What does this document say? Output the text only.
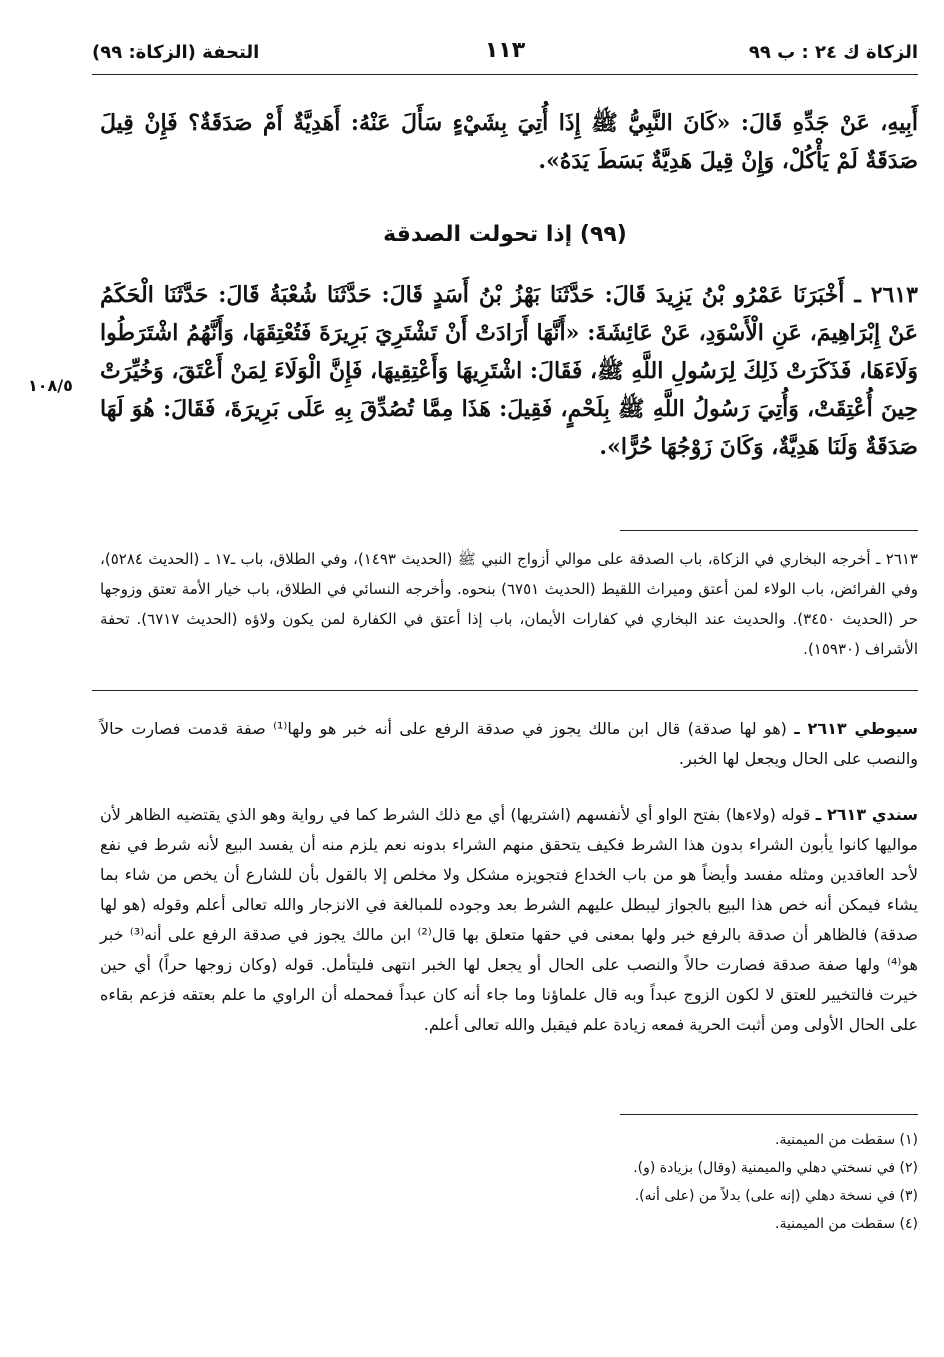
الزكاة ك ٢٤ : ب ٩٩
١١٣
التحفة (الزكاة: ٩٩)
أَبِيهِ، عَنْ جَدِّهِ قَالَ: «كَانَ النَّبِيُّ ﷺ إِذَا أُتِيَ بِشَيْءٍ سَأَلَ عَنْهُ: أَهَدِيَّةٌ أَمْ صَدَقَةٌ؟ فَإِنْ قِيلَ صَدَقَةٌ لَمْ يَأْكُلْ، وَإِنْ قِيلَ هَدِيَّةٌ بَسَطَ يَدَهُ».
(٩٩) إذا تحولت الصدقة
٢٦١٣ ـ أَخْبَرَنَا عَمْرُو بْنُ يَزِيدَ قَالَ: حَدَّثَنَا بَهْزُ بْنُ أَسَدٍ قَالَ: حَدَّثَنَا شُعْبَةُ قَالَ: حَدَّثَنَا الْحَكَمُ عَنْ إِبْرَاهِيمَ، عَنِ الْأَسْوَدِ، عَنْ عَائِشَةَ: «أَنَّهَا أَرَادَتْ أَنْ تَشْتَرِيَ بَرِيرَةَ فَتُعْتِقَهَا، وَأَنَّهُمُ اشْتَرَطُوا وَلَاءَهَا، فَذَكَرَتْ ذَلِكَ لِرَسُولِ اللَّهِ ﷺ، فَقَالَ: اشْتَرِيهَا وَأَعْتِقِيهَا، فَإِنَّ الْوَلَاءَ لِمَنْ أَعْتَقَ، وَخُيِّرَتْ حِينَ أُعْتِقَتْ، وَأُتِيَ رَسُولُ اللَّهِ ﷺ بِلَحْمٍ، فَقِيلَ: هَذَا مِمَّا تُصُدِّقَ بِهِ عَلَى بَرِيرَةَ، فَقَالَ: هُوَ لَهَا صَدَقَةٌ وَلَنَا هَدِيَّةٌ، وَكَانَ زَوْجُهَا حُرًّا».
١٠٨/٥
٢٦١٣ ـ أخرجه البخاري في الزكاة، باب الصدقة على موالي أزواج النبي ﷺ (الحديث ١٤٩٣)، وفي الطلاق، باب ـ١٧ ـ (الحديث ٥٢٨٤)، وفي الفرائض، باب الولاء لمن أعتق وميراث اللقيط (الحديث ٦٧٥١) بنحوه. وأخرجه النسائي في الطلاق، باب خيار الأمة تعتق وزوجها حر (الحديث ٣٤٥٠). والحديث عند البخاري في كفارات الأيمان، باب إذا أعتق في الكفارة لمن يكون ولاؤه (الحديث ٦٧١٧). تحفة الأشراف (١٥٩٣٠).
سيوطي ٢٦١٣ ـ (هو لها صدقة) قال ابن مالك يجوز في صدقة الرفع على أنه خبر هو ولها⁽¹⁾ صفة قدمت فصارت حالاً والنصب على الحال ويجعل لها الخبر.
سندي ٢٦١٣ ـ قوله (ولاءها) بفتح الواو أي لأنفسهم (اشتريها) أي مع ذلك الشرط كما في رواية وهو الذي يقتضيه الظاهر لأن مواليها كانوا يأبون الشراء بدون هذا الشرط فكيف يتحقق منهم الشراء بدونه نعم يلزم منه أن يفسد البيع لأنه شرط في نفع لأحد العاقدين ومثله مفسد وأيضاً هو من باب الخداع فتجويزه مشكل ولا مخلص إلا بالقول بأن للشارع أن يخص من شاء بما يشاء فيمكن أنه خص هذا البيع بالجواز ليبطل عليهم الشرط بعد وجوده للمبالغة في الانزجار والله تعالى أعلم وقوله (هو لها صدقة) فالظاهر أن صدقة بالرفع خبر ولها بمعنى في حقها متعلق بها قال⁽²⁾ ابن مالك يجوز في صدقة الرفع على أنه⁽³⁾ خبر هو⁽⁴⁾ ولها صفة صدقة فصارت حالاً والنصب على الحال أو يجعل لها الخبر انتهى فليتأمل. قوله (وكان زوجها حراً) أي حين خيرت فالتخيير للعتق لا لكون الزوج عبداً وبه قال علماؤنا وما جاء أنه كان عبداً فمحمله أن الراوي ما علم بعتقه فزعم بقاءه على الحال الأولى ومن أثبت الحرية فمعه زيادة علم فيقبل والله تعالى أعلم.
(١) سقطت من الميمنية.
(٢) في نسختي دهلي والميمنية (وقال) بزيادة (و).
(٣) في نسخة دهلي (إنه على) بدلاً من (على أنه).
(٤) سقطت من الميمنية.
